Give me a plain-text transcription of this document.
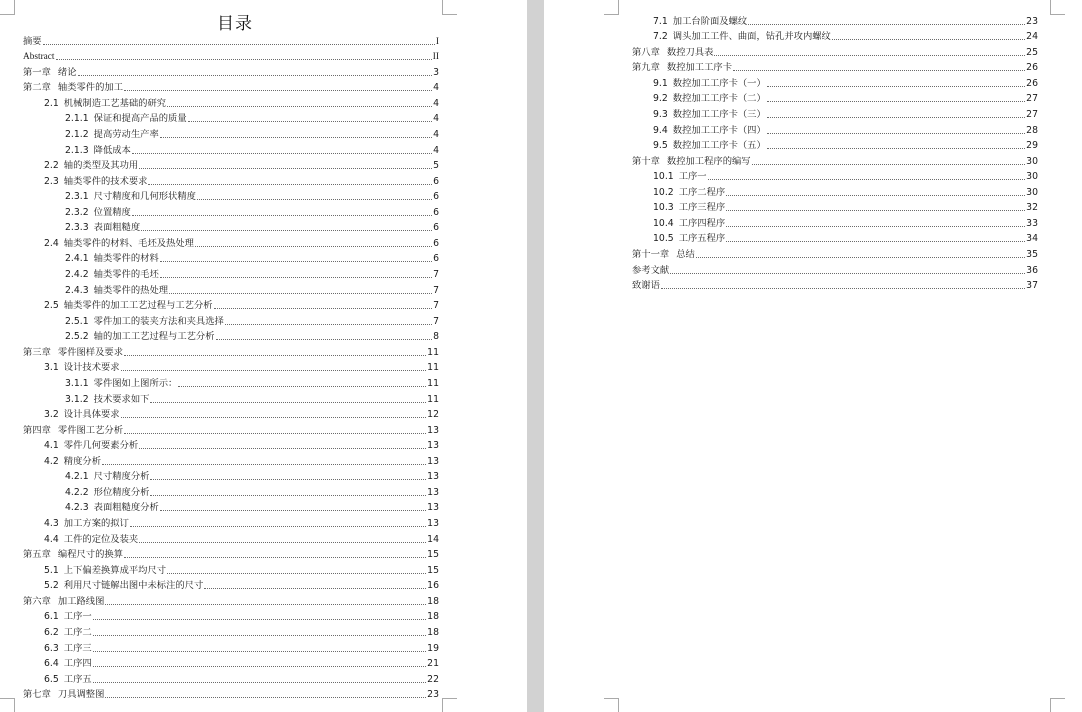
目录
摘要	I
Abstract	II
第一章 绪论	3
第二章 轴类零件的加工	4
2.1 机械制造工艺基础的研究	4
2.1.1 保证和提高产品的质量	4
2.1.2 提高劳动生产率	4
2.1.3 降低成本	4
2.2 轴的类型及其功用	5
2.3 轴类零件的技术要求	6
2.3.1 尺寸精度和几何形状精度	6
2.3.2 位置精度	6
2.3.3 表面粗糙度	6
2.4 轴类零件的材料、毛坯及热处理	6
2.4.1 轴类零件的材料	6
2.4.2 轴类零件的毛坯	7
2.4.3 轴类零件的热处理	7
2.5 轴类零件的加工工艺过程与工艺分析	7
2.5.1 零件加工的装夹方法和夹具选择	7
2.5.2 轴的加工工艺过程与工艺分析	8
第三章 零件图样及要求	11
3.1 设计技术要求	11
3.1.1 零件图如上图所示：	11
3.1.2 技术要求如下	11
3.2 设计具体要求	12
第四章 零件图工艺分析	13
4.1 零件几何要素分析	13
4.2 精度分析	13
4.2.1 尺寸精度分析	13
4.2.2 形位精度分析	13
4.2.3 表面粗糙度分析	13
4.3 加工方案的拟订	13
4.4 工件的定位及装夹	14
第五章 编程尺寸的换算	15
5.1 上下偏差换算成平均尺寸	15
5.2 利用尺寸链解出图中未标注的尺寸	16
第六章 加工路线图	18
6.1 工序一	18
6.2 工序二	18
6.3 工序三	19
6.4 工序四	21
6.5 工序五	22
第七章 刀具调整图	23
7.1 加工台阶面及螺纹	23
7.2 调头加工工件、曲面，钻孔并攻内螺纹	24
第八章 数控刀具表	25
第九章 数控加工工序卡	26
9.1 数控加工工序卡（一）	26
9.2 数控加工工序卡（二）	27
9.3 数控加工工序卡（三）	27
9.4 数控加工工序卡（四）	28
9.5 数控加工工序卡（五）	29
第十章 数控加工程序的编写	30
10.1 工序一	30
10.2 工序二程序	30
10.3 工序三程序	32
10.4 工序四程序	33
10.5 工序五程序	34
第十一章 总结	35
参考文献	36
致谢语	37
